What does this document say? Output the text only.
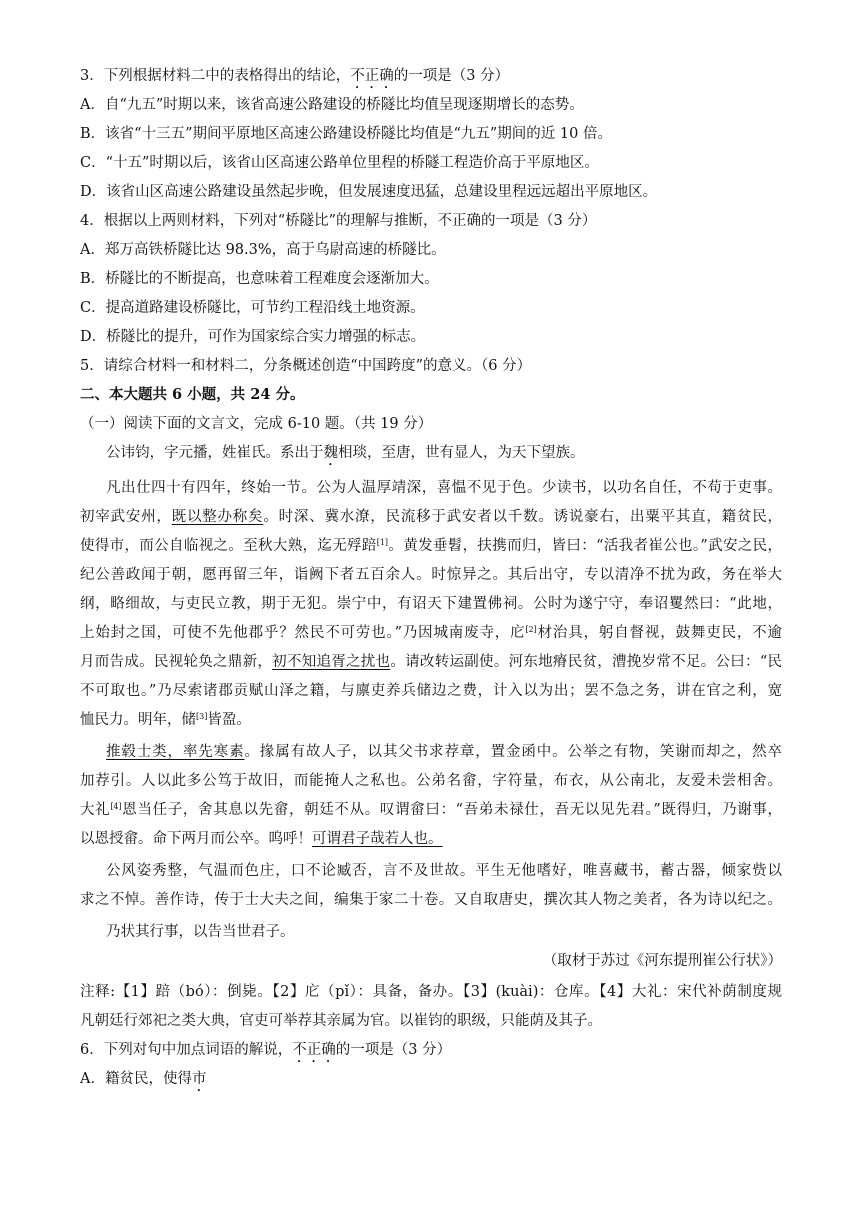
3．下列根据材料二中的表格得出的结论，不正确的一项是（3 分）
A．自“九五”时期以来，该省高速公路建设的桥隧比均值呈现逐期增长的态势。
B．该省“十三五”期间平原地区高速公路建设桥隧比均值是“九五”期间的近 10 倍。
C．“十五”时期以后，该省山区高速公路单位里程的桥隧工程造价高于平原地区。
D．该省山区高速公路建设虽然起步晚，但发展速度迅猛，总建设里程远远超出平原地区。
4．根据以上两则材料，下列对“桥隧比”的理解与推断，不正确的一项是（3 分）
A．郑万高铁桥隧比达 98.3%，高于乌尉高速的桥隧比。
B．桥隧比的不断提高，也意味着工程难度会逐渐加大。
C．提高道路建设桥隧比，可节约工程沿线土地资源。
D．桥隧比的提升，可作为国家综合实力增强的标志。
5．请综合材料一和材料二，分条概述创造“中国跨度”的意义。（6 分）
二、本大题共 6 小题，共 24 分。
（一）阅读下面的文言文，完成 6-10 题。（共 19 分）
公讳钧，字元播，姓崔氏。系出于魏相琰，至唐，世有显人，为天下望族。
凡出仕四十有四年，终始一节。公为人温厚靖深，喜愠不见于色。少读书，以功名自任，不苟于吏事。
初宰武安州，既以整办称矣。时深、冀水潦，民流移于武安者以千数。诱说豪右，出粟平其直，籍贫民，
使得市，而公自临视之。至秋大熟，迄无殍踣[1]。黄发垂髫，扶携而归，皆曰：“活我者崔公也。”武安之民，
纪公善政闻于朝，愿再留三年，诣阙下者五百余人。时惊异之。其后出守，专以清净不扰为政，务在举大
纲，略细故，与吏民立教，期于无犯。崇宁中，有诏天下建置佛祠。公时为遂宁守，奉诏矍然曰：“此地，
上始封之国，可使不先他郡乎？然民不可劳也。”乃因城南废寺，庀[2]材治具，躬自督视，鼓舞吏民，不逾
月而告成。民视轮奂之鼎新，初不知追胥之扰也。请改转运副使。河东地瘠民贫，漕挽岁常不足。公曰：“民
不可取也。”乃尽索诸郡贡赋山泽之籍，与廪吏养兵储边之费，计入以为出；罢不急之务，讲在官之利，宽
恤民力。明年，储[3]皆盈。
推毂士类，率先寒素。掾属有故人子，以其父书求荐章，置金函中。公举之有物，笑谢而却之，然卒
加荐引。人以此多公笃于故旧，而能掩人之私也。公弟名畲，字符量，布衣，从公南北，友爱未尝相舍。
大礼[4]恩当任子，舍其息以先畲，朝廷不从。叹谓畲曰：“吾弟未禄仕，吾无以见先君。”既得归，乃谢事，
以恩授畲。命下两月而公卒。呜呼！可谓君子哉若人也。
公风姿秀整，气温而色庄，口不论臧否，言不及世故。平生无他嗜好，唯喜藏书，蓄古器，倾家赀以
求之不悼。善作诗，传于士大夫之间，编集于家二十卷。又自取唐史，撰次其人物之美者，各为诗以纪之。
乃状其行事，以告当世君子。
（取材于苏过《河东提刑崔公行状》）
注释:【1】踣（bó）：倒毙。【2】庀（pǐ）：具备，备办。【3】(kuài)：仓库。【4】大礼：宋代补荫制度规
凡朝廷行郊祀之类大典，官吏可举荐其亲属为官。以崔钧的职级，只能荫及其子。
6．下列对句中加点词语的解说，不正确的一项是（3 分）
A．籍贫民，使得市
